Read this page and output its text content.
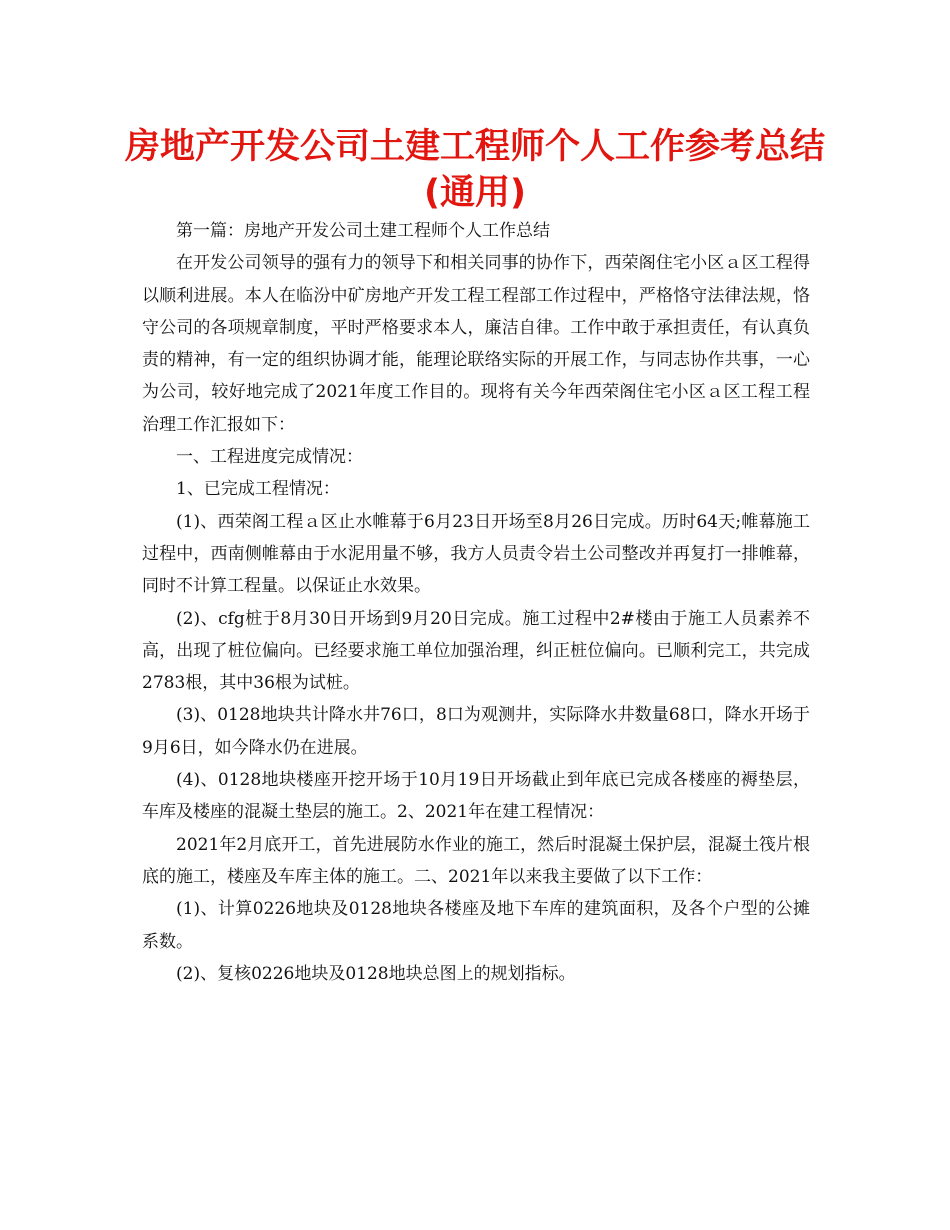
房地产开发公司土建工程师个人工作参考总结
(通用)

第一篇：房地产开发公司土建工程师个人工作总结

在开发公司领导的强有力的领导下和相关同事的协作下，西荣阁住宅小区ａ区工程得以顺利进展。本人在临汾中矿房地产开发工程工程部工作过程中，严格恪守法律法规，恪守公司的各项规章制度，平时严格要求本人，廉洁自律。工作中敢于承担责任，有认真负责的精神，有一定的组织协调才能，能理论联络实际的开展工作，与同志协作共事，一心为公司，较好地完成了2021年度工作目的。现将有关今年西荣阁住宅小区ａ区工程工程治理工作汇报如下：

一、工程进度完成情况：

1、已完成工程情况：

(1)、西荣阁工程ａ区止水帷幕于6月23日开场至8月26日完成。历时64天;帷幕施工过程中，西南侧帷幕由于水泥用量不够，我方人员责令岩土公司整改并再复打一排帷幕，同时不计算工程量。以保证止水效果。

(2)、cfg桩于8月30日开场到9月20日完成。施工过程中2#楼由于施工人员素养不高，出现了桩位偏向。已经要求施工单位加强治理，纠正桩位偏向。已顺利完工，共完成2783根，其中36根为试桩。

(3)、0128地块共计降水井76口，8口为观测井，实际降水井数量68口，降水开场于9月6日，如今降水仍在进展。

(4)、0128地块楼座开挖开场于10月19日开场截止到年底已完成各楼座的褥垫层，车库及楼座的混凝土垫层的施工。2、2021年在建工程情况：

2021年2月底开工，首先进展防水作业的施工，然后时混凝土保护层，混凝土筏片根底的施工，楼座及车库主体的施工。二、2021年以来我主要做了以下工作：

(1)、计算0226地块及0128地块各楼座及地下车库的建筑面积，及各个户型的公摊系数。

(2)、复核0226地块及0128地块总图上的规划指标。
